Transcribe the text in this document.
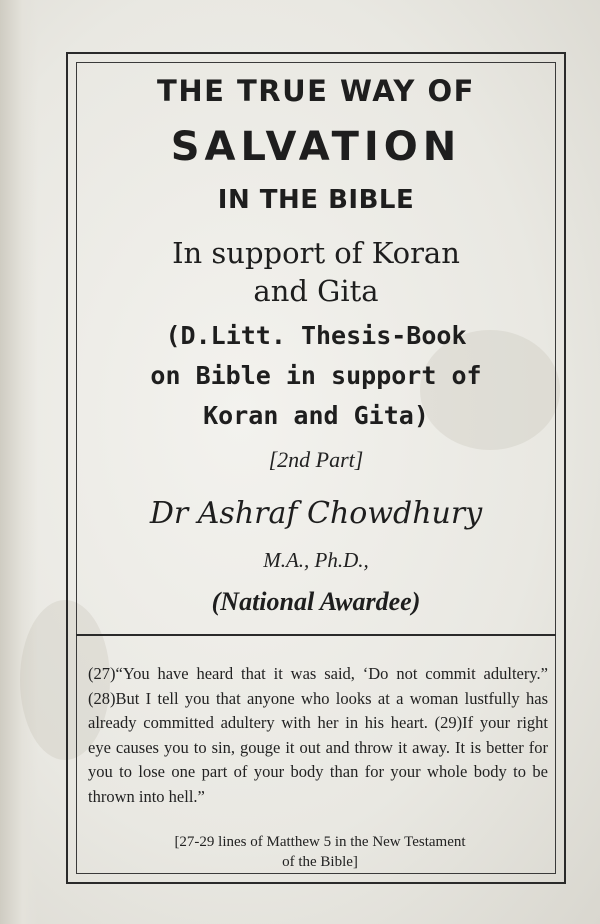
THE TRUE WAY OF
SALVATION
IN THE BIBLE
In support of Koran
and Gita
(D.Litt. Thesis-Book
on Bible in support of
Koran and Gita)
[2nd Part]
Dr Ashraf Chowdhury
M.A., Ph.D.,
(National Awardee)

(27)“You have heard that it was said, ‘Do not commit adultery.” (28)But I tell you that anyone who looks at a woman lustfully has already committed adultery with her in his heart. (29)If your right eye causes you to sin, gouge it out and throw it away. It is better for you to lose one part of your body than for your whole body to be thrown into hell.”

[27-29 lines of Matthew 5 in the New Testament
of the Bible]
